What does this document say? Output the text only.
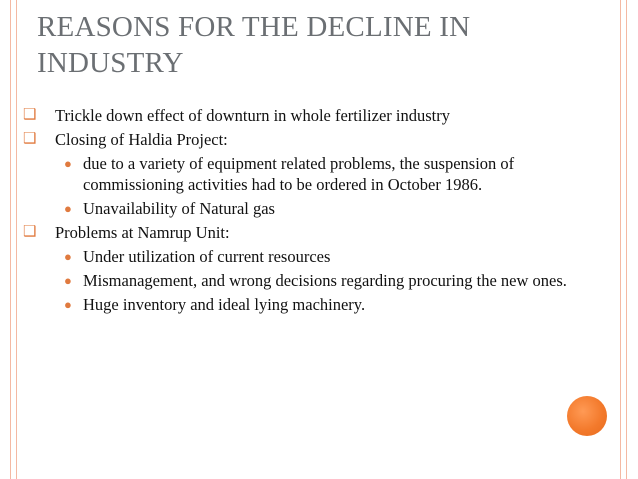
REASONS FOR THE DECLINE IN INDUSTRY
❑ Trickle down effect of downturn in whole fertilizer industry
❑ Closing of Haldia Project:
● due to a variety of equipment related problems, the suspension of commissioning activities had to be ordered in October 1986.
● Unavailability of Natural gas
❑ Problems at Namrup Unit:
● Under utilization of current resources
● Mismanagement, and wrong decisions regarding procuring the new ones.
● Huge inventory and ideal lying machinery.
